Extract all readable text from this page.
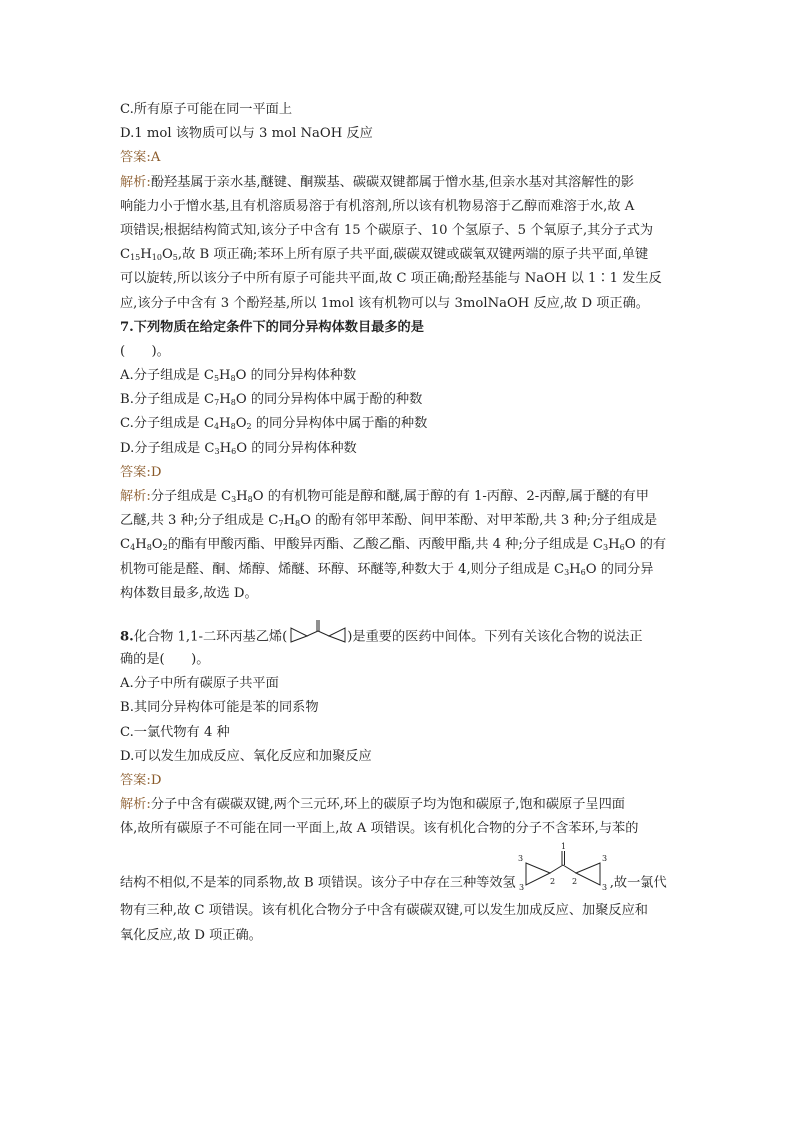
C.所有原子可能在同一平面上
D.1 mol 该物质可以与 3 mol NaOH 反应
答案:A
解析:酚羟基属于亲水基,醚键、酮羰基、碳碳双键都属于憎水基,但亲水基对其溶解性的影
响能力小于憎水基,且有机溶质易溶于有机溶剂,所以该有机物易溶于乙醇而难溶于水,故 A
项错误;根据结构简式知,该分子中含有 15 个碳原子、10 个氢原子、5 个氧原子,其分子式为
$C_{15}H_{10}O_5$,故 B 项正确;苯环上所有原子共平面,碳碳双键或碳氧双键两端的原子共平面,单键
可以旋转,所以该分子中所有原子可能共平面,故 C 项正确;酚羟基能与 NaOH 以 1∶1 发生反
应,该分子中含有 3 个酚羟基,所以 1mol 该有机物可以与 3molNaOH 反应,故 D 项正确。
7.下列物质在给定条件下的同分异构体数目最多的是
(　　)。
A.分子组成是 $C_5H_8O$ 的同分异构体种数
B.分子组成是 $C_7H_8O$ 的同分异构体中属于酚的种数
C.分子组成是 $C_4H_8O_2$ 的同分异构体中属于酯的种数
D.分子组成是 $C_3H_6O$ 的同分异构体种数
答案:D
解析:分子组成是 $C_3H_8O$ 的有机物可能是醇和醚,属于醇的有 1-丙醇、2-丙醇,属于醚的有甲
乙醚,共 3 种;分子组成是 $C_7H_8O$ 的酚有邻甲苯酚、间甲苯酚、对甲苯酚,共 3 种;分子组成是
$C_4H_8O_2$的酯有甲酸丙酯、甲酸异丙酯、乙酸乙酯、丙酸甲酯,共 4 种;分子组成是 $C_3H_6O$ 的有
机物可能是醛、酮、烯醇、烯醚、环醇、环醚等,种数大于 4,则分子组成是 $C_3H_6O$ 的同分异
构体数目最多,故选 D。
8.化合物 1,1-二环丙基乙烯(	)是重要的医药中间体。下列有关该化合物的说法正
确的是(　　)。
A.分子中所有碳原子共平面
B.其同分异构体可能是苯的同系物
C.一氯代物有 4 种
D.可以发生加成反应、氧化反应和加聚反应
答案:D
解析:分子中含有碳碳双键,两个三元环,环上的碳原子均为饱和碳原子,饱和碳原子呈四面
体,故所有碳原子不可能在同一平面上,故 A 项错误。该有机化合物的分子不含苯环,与苯的
结构不相似,不是苯的同系物,故 B 项错误。该分子中存在三种等效氢
1
3
2 2
3
3	3 ,故一氯代
物有三种,故 C 项错误。该有机化合物分子中含有碳碳双键,可以发生加成反应、加聚反应和
氧化反应,故 D 项正确。
